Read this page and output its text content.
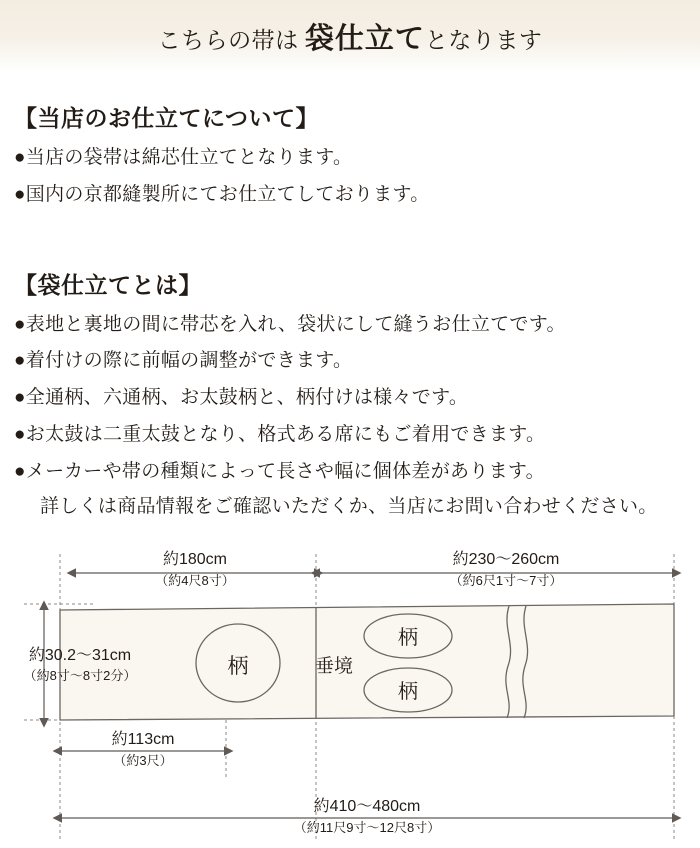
こちらの帯は 袋仕立てとなります
【当店のお仕立てについて】
●当店の袋帯は綿芯仕立てとなります。
●国内の京都縫製所にてお仕立てしております。
【袋仕立てとは】
●表地と裏地の間に帯芯を入れ、袋状にして縫うお仕立てです。
●着付けの際に前幅の調整ができます。
●全通柄、六通柄、お太鼓柄と、柄付けは様々です。
●お太鼓は二重太鼓となり、格式ある席にもご着用できます。
●メーカーや帯の種類によって長さや幅に個体差があります。
詳しくは商品情報をご確認いただくか、当店にお問い合わせください。
約180cm
（約4尺8寸）
約230〜260cm
（約6尺1寸〜7寸）
柄	垂境
柄
柄
約30.2〜31cm
（約8寸〜8寸2分）
約113cm
（約3尺）
約410〜480cm
（約11尺9寸〜12尺8寸）
